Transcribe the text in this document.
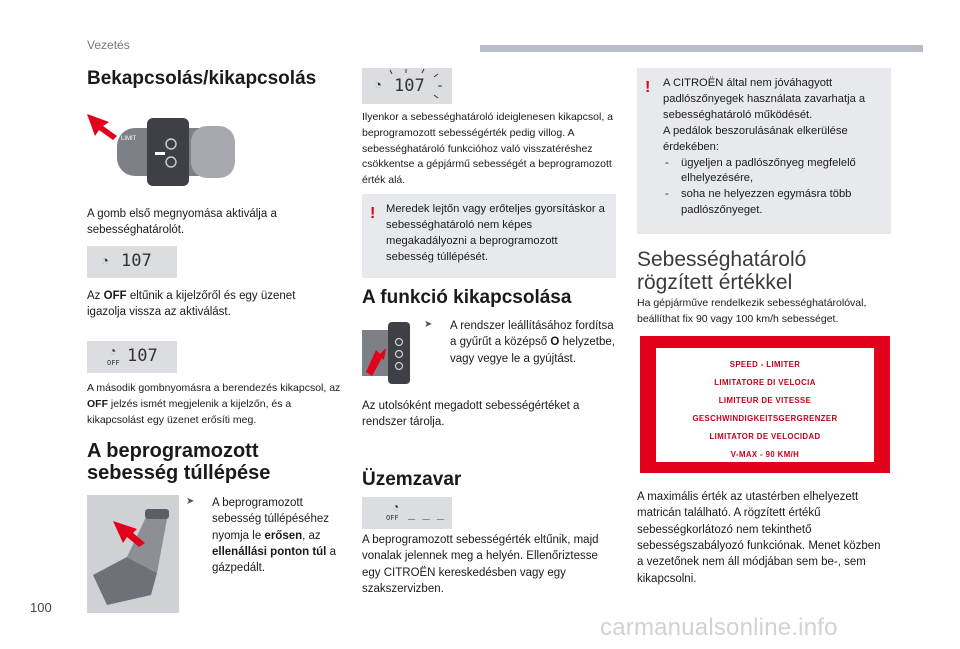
Vezetés
100
carmanualsonline.info
Bekapcsolás/kikapcsolás
LIMIT
A gomb első megnyomása aktiválja a sebességhatárolót.
◔ 107
Az OFF eltűnik a kijelzőről és egy üzenet igazolja vissza az aktiválást.
◔
OFF 107
A második gombnyomásra a berendezés kikapcsol, az OFF jelzés ismét megjelenik a kijelzőn, és a kikapcsolást egy üzenet erősíti meg.
A beprogramozott sebesség túllépése
➤ A beprogramozott sebesség túllépéséhez nyomja le erősen, az ellenállási ponton túl a gázpedált.
◔ 107
Ilyenkor a sebességhatároló ideiglenesen kikapcsol, a beprogramozott sebességérték pedig villog. A sebességhatároló funkcióhoz való visszatéréshez csökkentse a gépjármű sebességét a beprogramozott érték alá.
! Meredek lejtőn vagy erőteljes gyorsításkor a sebességhatároló nem képes megakadályozni a beprogramozott sebesség túllépését.
A funkció kikapcsolása
➤ A rendszer leállításához fordítsa a gyűrűt a középső O helyzetbe, vagy vegye le a gyújtást.
Az utolsóként megadott sebességértéket a rendszer tárolja.
Üzemzavar
◔
OFF _ _ _
A beprogramozott sebességérték eltűnik, majd vonalak jelennek meg a helyén. Ellenőriztesse egy CITROËN kereskedésben vagy egy szakszervizben.
! A CITROËN által nem jóváhagyott padlószőnyegek használata zavarhatja a sebességhatároló működését.
A pedálok beszorulásának elkerülése érdekében:
- ügyeljen a padlószőnyeg megfelelő elhelyezésére,
- soha ne helyezzen egymásra több padlószőnyeget.
Sebességhatároló rögzített értékkel
Ha gépjárműve rendelkezik sebességhatárolóval, beállíthat fix 90 vagy 100 km/h sebességet.
SPEED - LIMITER
LIMITATORE DI VELOCIA
LIMITEUR DE VITESSE
GESCHWINDIGKEITSGERGRENZER
LIMITATOR DE VELOCIDAD
V-MAX - 90 KM/H
A maximális érték az utastérben elhelyezett matricán található. A rögzített értékű sebességkorlátozó nem tekinthető sebességszabályozó funkciónak. Menet közben a vezetőnek nem áll módjában sem be-, sem kikapcsolni.
